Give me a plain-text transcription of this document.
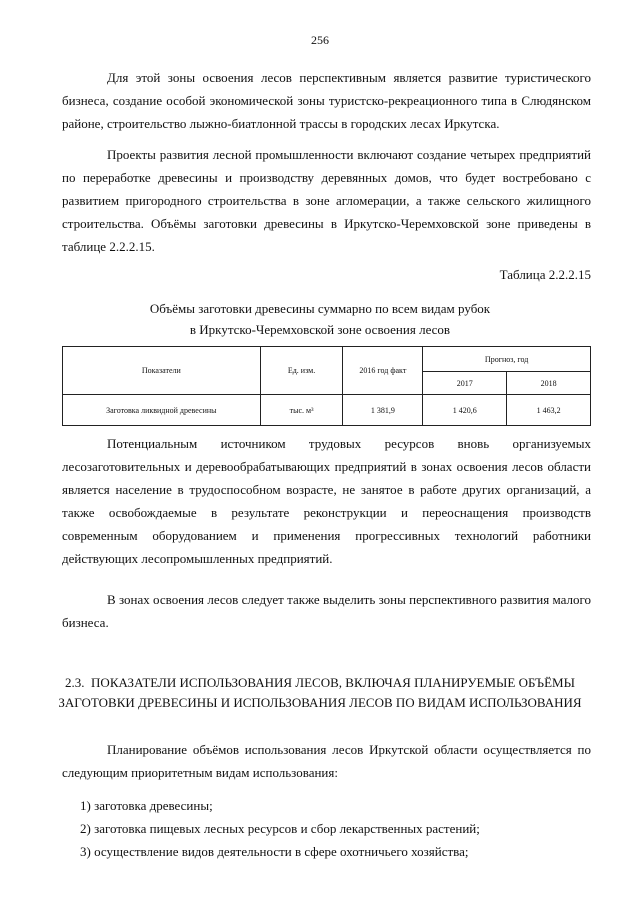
256

Для этой зоны освоения лесов перспективным является развитие туристического бизнеса, создание особой экономической зоны туристско-рекреационного типа в Слюдянском районе, строительство лыжно-биатлонной трассы в городских лесах Иркутска.

Проекты развития лесной промышленности включают создание четырех предприятий по переработке древесины и производству деревянных домов, что будет востребовано с развитием пригородного строительства в зоне агломерации, а также сельского жилищного строительства. Объёмы заготовки древесины в Иркутско-Черемховской зоне приведены в таблице 2.2.2.15.

Таблица 2.2.2.15
Объёмы заготовки древесины суммарно по всем видам рубок
в Иркутско-Черемховской зоне освоения лесов
Показатели	Ед. изм.	2016 год факт	Прогноз, год	
			2017	2018
Заготовка ликвидной древесины	тыс. м³	1 381,9	1 420,6	1 463,2

Потенциальным источником трудовых ресурсов вновь организуемых лесозаготовительных и деревообрабатывающих предприятий в зонах освоения лесов области является население в трудоспособном возрасте, не занятое в работе других организаций, а также освобождаемые в результате реконструкции и переоснащения производств современным оборудованием и применения прогрессивных технологий работники действующих лесопромышленных предприятий.

В зонах освоения лесов следует также выделить зоны перспективного развития малого бизнеса.

2.3. ПОКАЗАТЕЛИ ИСПОЛЬЗОВАНИЯ ЛЕСОВ, ВКЛЮЧАЯ ПЛАНИРУЕМЫЕ ОБЪЁМЫ
ЗАГОТОВКИ ДРЕВЕСИНЫ И ИСПОЛЬЗОВАНИЯ ЛЕСОВ ПО ВИДАМ ИСПОЛЬЗОВАНИЯ

Планирование объёмов использования лесов Иркутской области осуществляется по следующим приоритетным видам использования:

1) заготовка древесины;
2) заготовка пищевых лесных ресурсов и сбор лекарственных растений;
3) осуществление видов деятельности в сфере охотничьего хозяйства;
